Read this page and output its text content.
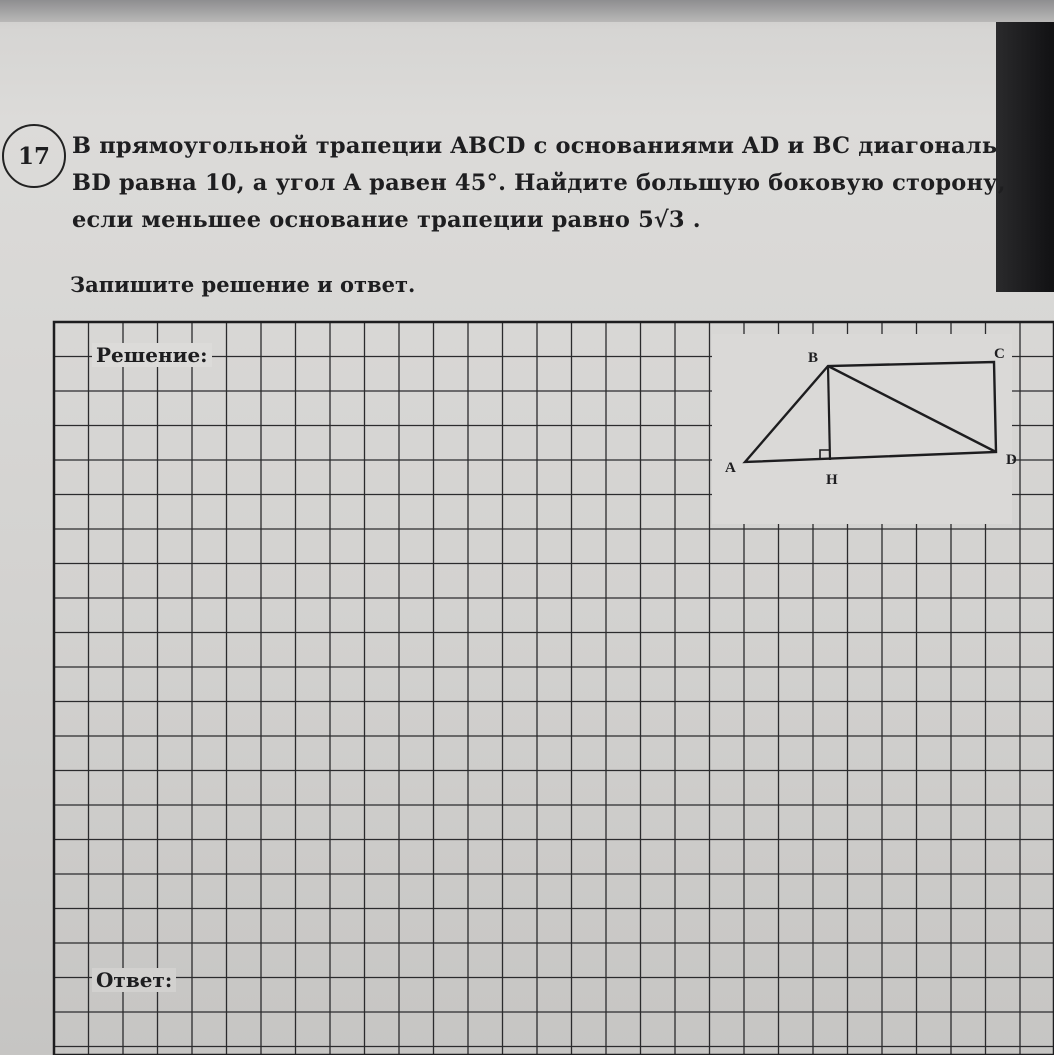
17 В прямоугольной трапеции ABCD с основаниями AD и BC диагональ
BD равна 10, а угол A равен 45°. Найдите большую боковую сторону,
если меньшее основание трапеции равно 5√3 .
Запишите решение и ответ.
B	C
A	D
H
Решение:
Ответ:
